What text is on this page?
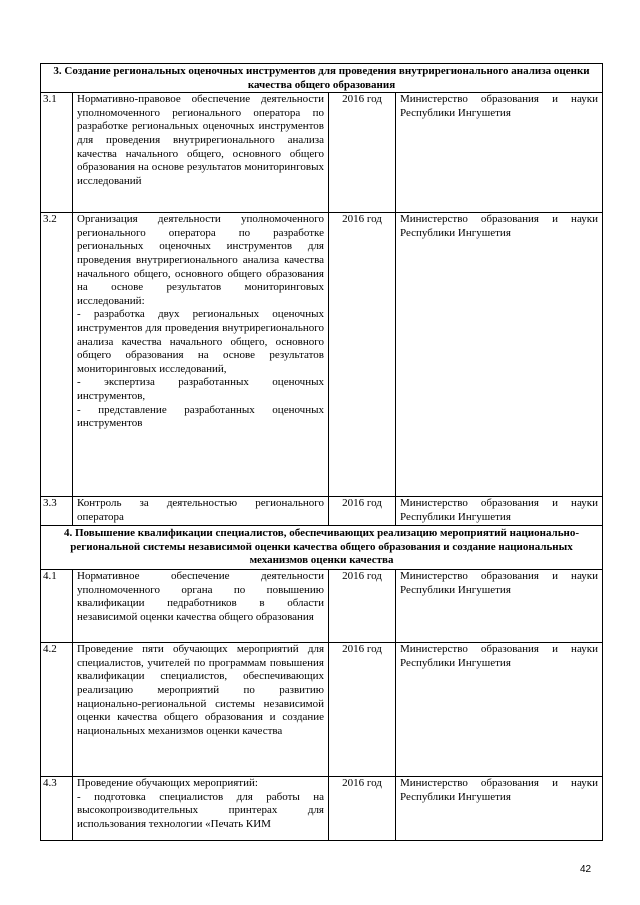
3. Создание региональных оценочных инструментов для проведения внутрирегионального анализа оценки качества общего образования			
3.1	Нормативно-правовое обеспечение деятельности уполномоченного регионального оператора по разработке региональных оценочных инструментов для проведения внутрирегионального анализа качества начального общего, основного общего образования на основе результатов мониторинговых исследований	2016 год	Министерство образования и науки Республики Ингушетия
3.2	Организация деятельности уполномоченного регионального оператора по разработке региональных оценочных инструментов для проведения внутрирегионального анализа качества начального общего, основного общего образования на основе результатов мониторинговых исследований:
- разработка двух региональных оценочных инструментов для проведения внутрирегионального анализа качества начального общего, основного общего образования на основе результатов мониторинговых исследований,
- экспертиза разработанных оценочных инструментов,
- представление разработанных оценочных инструментов	2016 год	Министерство образования и науки Республики Ингушетия
3.3	Контроль за деятельностью регионального оператора	2016 год	Министерство образования и науки Республики Ингушетия
4. Повышение квалификации специалистов, обеспечивающих реализацию мероприятий национально-региональной системы независимой оценки качества общего образования и создание национальных механизмов оценки качества			
4.1	Нормативное обеспечение деятельности уполномоченного органа по повышению квалификации педработников в области независимой оценки качества общего образования	2016 год	Министерство образования и науки Республики Ингушетия
4.2	Проведение пяти обучающих мероприятий для специалистов, учителей по программам повышения квалификации специалистов, обеспечивающих реализацию мероприятий по развитию национально-региональной системы независимой оценки качества общего образования и создание национальных механизмов оценки качества	2016 год	Министерство образования и науки Республики Ингушетия
4.3	Проведение обучающих мероприятий:
- подготовка специалистов для работы на высокопроизводительных принтерах для использования технологии «Печать КИМ	2016 год	Министерство образования и науки Республики Ингушетия
42
